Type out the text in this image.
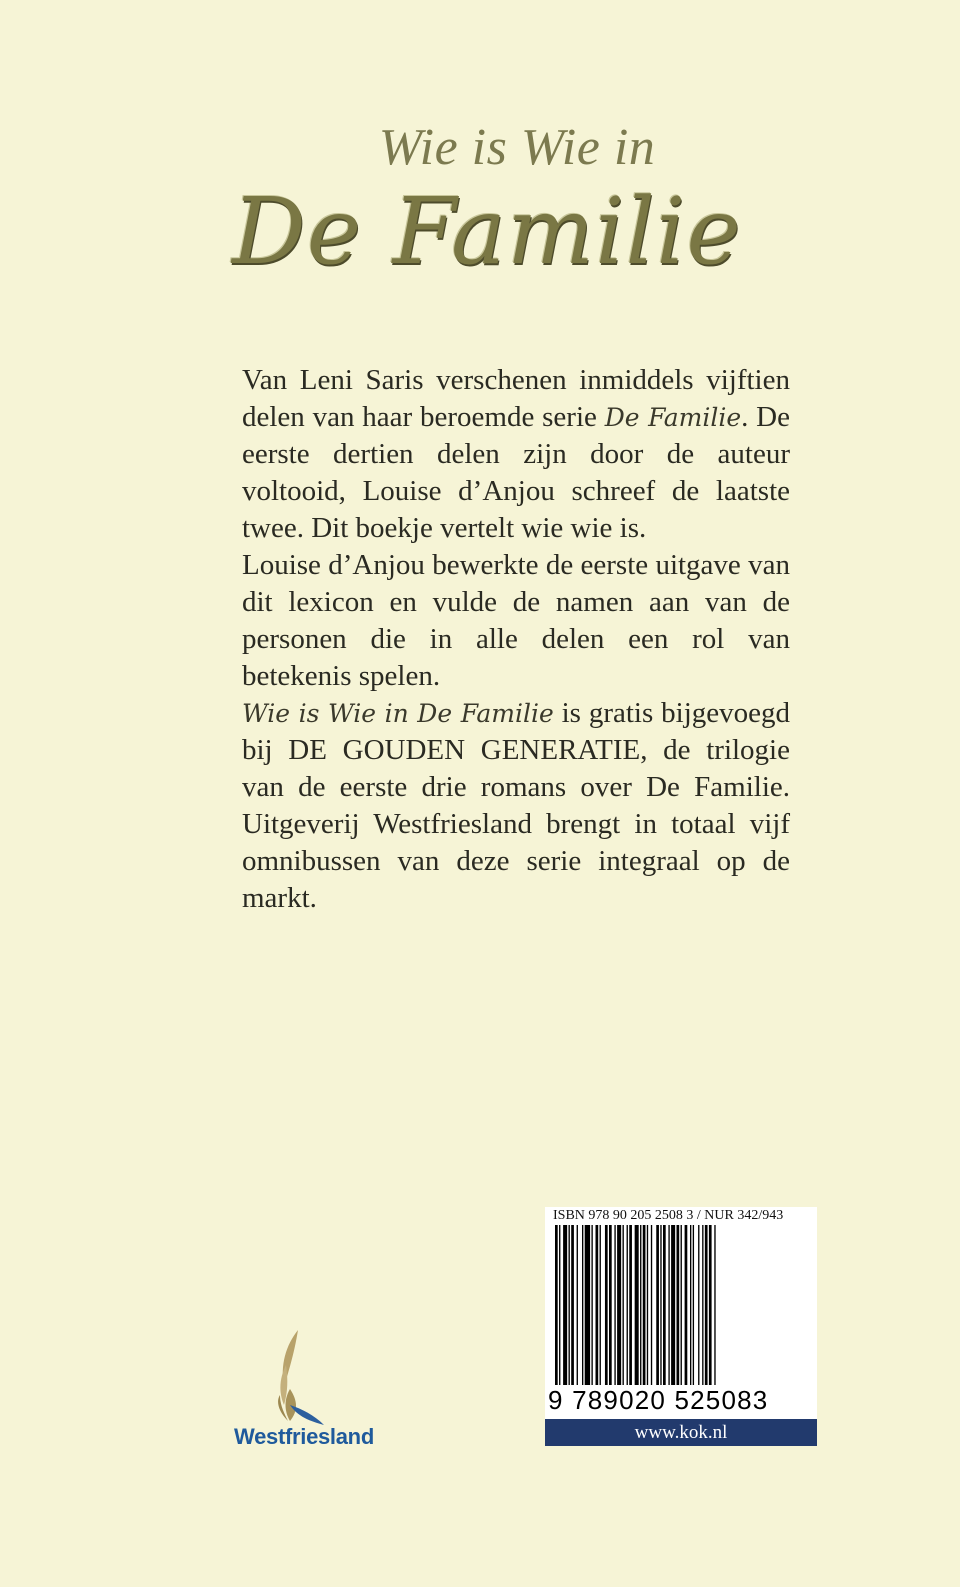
Wie is Wie in
De Familie

Van Leni Saris verschenen inmiddels vijftien delen van haar beroemde serie De Familie. De eerste dertien delen zijn door de auteur voltooid, Louise d’Anjou schreef de laatste twee. Dit boekje vertelt wie wie is.

Louise d’Anjou bewerkte de eerste uitgave van dit lexicon en vulde de namen aan van de personen die in alle delen een rol van betekenis spelen.

Wie is Wie in De Familie is gratis bijgevoegd bij DE GOUDEN GENERATIE, de trilogie van de eerste drie romans over De Familie. Uitgeverij Westfriesland brengt in totaal vijf omnibussen van deze serie integraal op de markt.

Westfriesland
ISBN 978 90 205 2508 3 / NUR 342/943
9 789020 525083
www.kok.nl
